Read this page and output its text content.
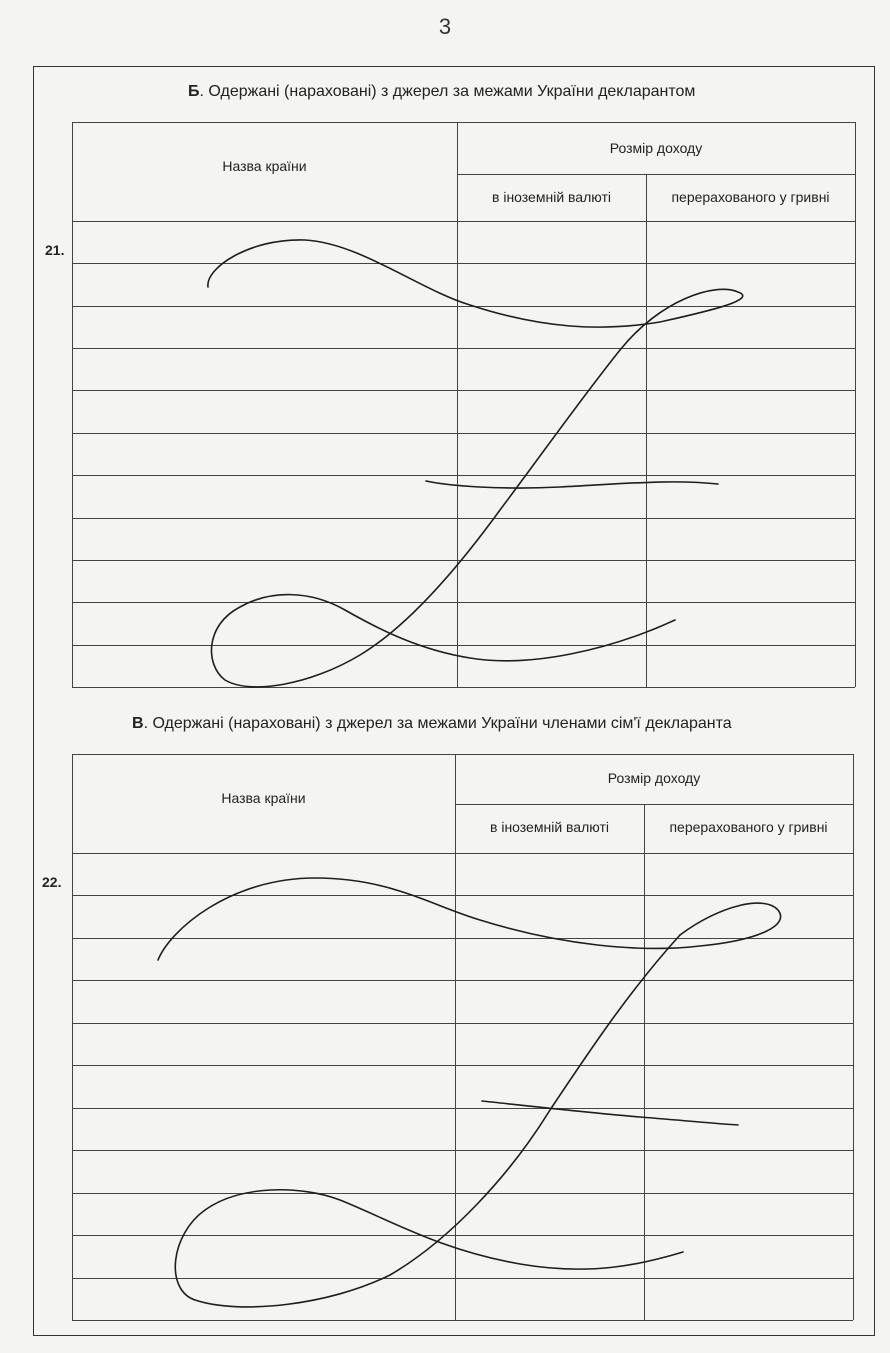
3
Б. Одержані (нараховані) з джерел за межами України декларантом
Назва країни
Розмір доходу
в іноземній валюті	перерахованого у гривні
21.
В. Одержані (нараховані) з джерел за межами України членами сім'ї декларанта
Назва країни
Розмір доходу
в іноземній валюті	перерахованого у гривні
22.
